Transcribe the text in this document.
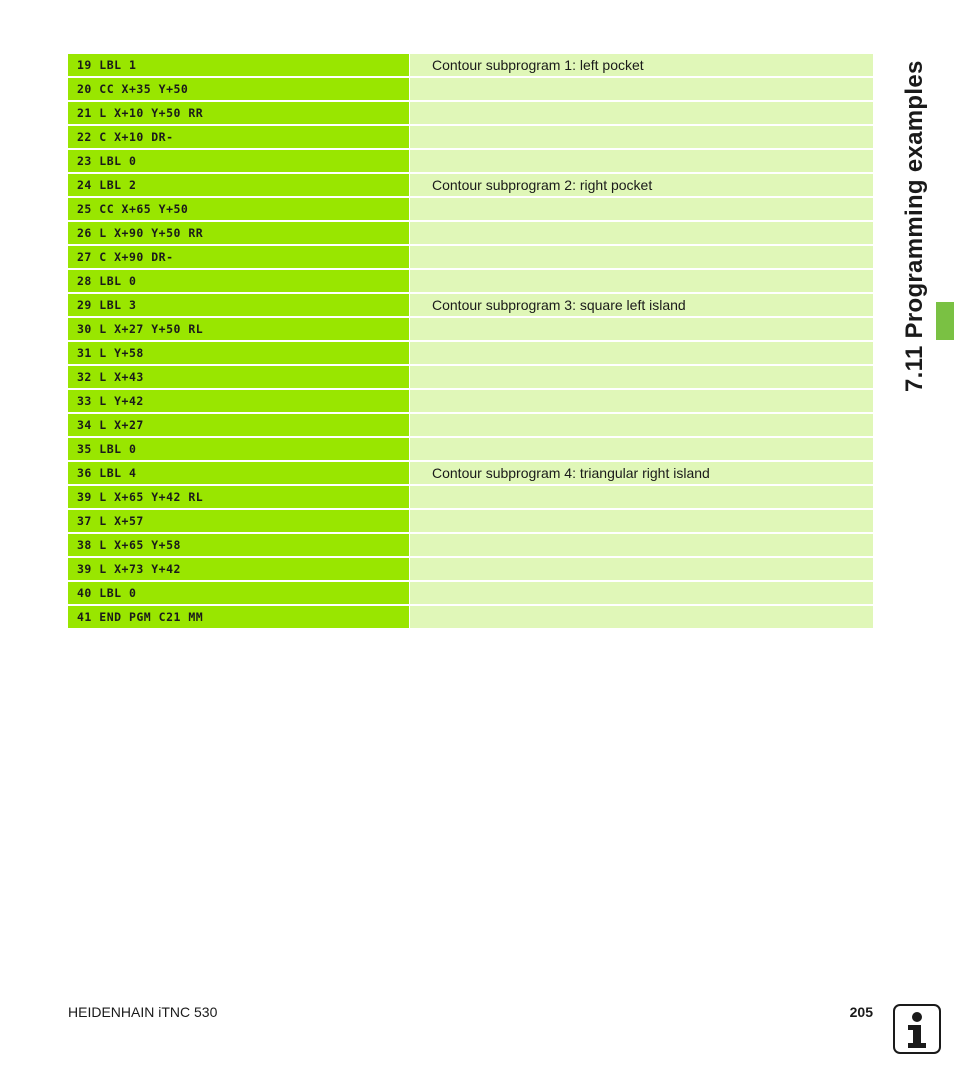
19 LBL 1	Contour subprogram 1: left pocket
20 CC X+35 Y+50
21 L X+10 Y+50 RR
22 C X+10 DR-
23 LBL 0
24 LBL 2	Contour subprogram 2: right pocket
25 CC X+65 Y+50
26 L X+90 Y+50 RR
27 C X+90 DR-
28 LBL 0
29 LBL 3	Contour subprogram 3: square left island
30 L X+27 Y+50 RL
31 L Y+58
32 L X+43
33 L Y+42
34 L X+27
35 LBL 0
36 LBL 4	Contour subprogram 4: triangular right island
39 L X+65 Y+42 RL
37 L X+57
38 L X+65 Y+58
39 L X+73 Y+42
40 LBL 0
41 END PGM C21 MM
7.11 Programming examples
HEIDENHAIN iTNC 530	205
